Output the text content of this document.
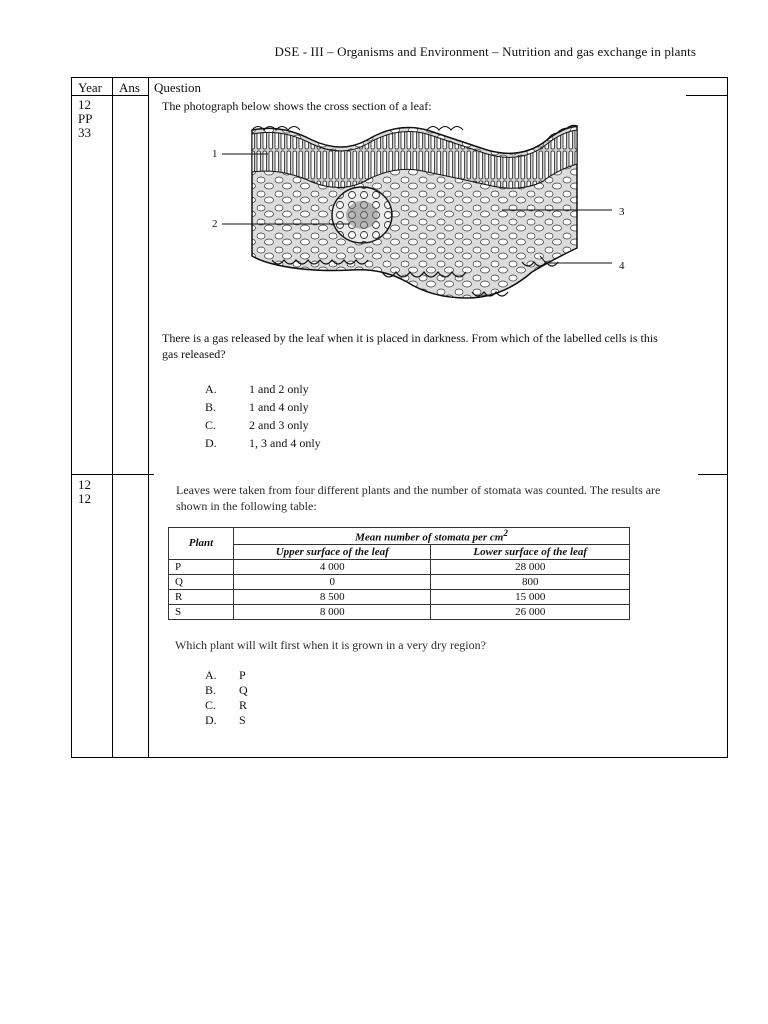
DSE - III – Organisms and Environment – Nutrition and gas exchange in plants
Year Ans Question
12
PP
33
The photograph below shows the cross section of a leaf:
1
2
3
4
There is a gas released by the leaf when it is placed in darkness. From which of the labelled cells is this
gas released?
A.	1 and 2 only
B.	1 and 4 only
C.	2 and 3 only
D.	1, 3 and 4 only
12
12
Leaves were taken from four different plants and the number of stomata was counted. The results are
shown in the following table:
Plant	Mean number of stomata per $cm^2$
	Upper surface of the leaf	Lower surface of the leaf
P	4 000	28 000
Q	0	800
R	8 500	15 000
S	8 000	26 000
Which plant will wilt first when it is grown in a very dry region?
A. P
B. Q
C. R
D. S
